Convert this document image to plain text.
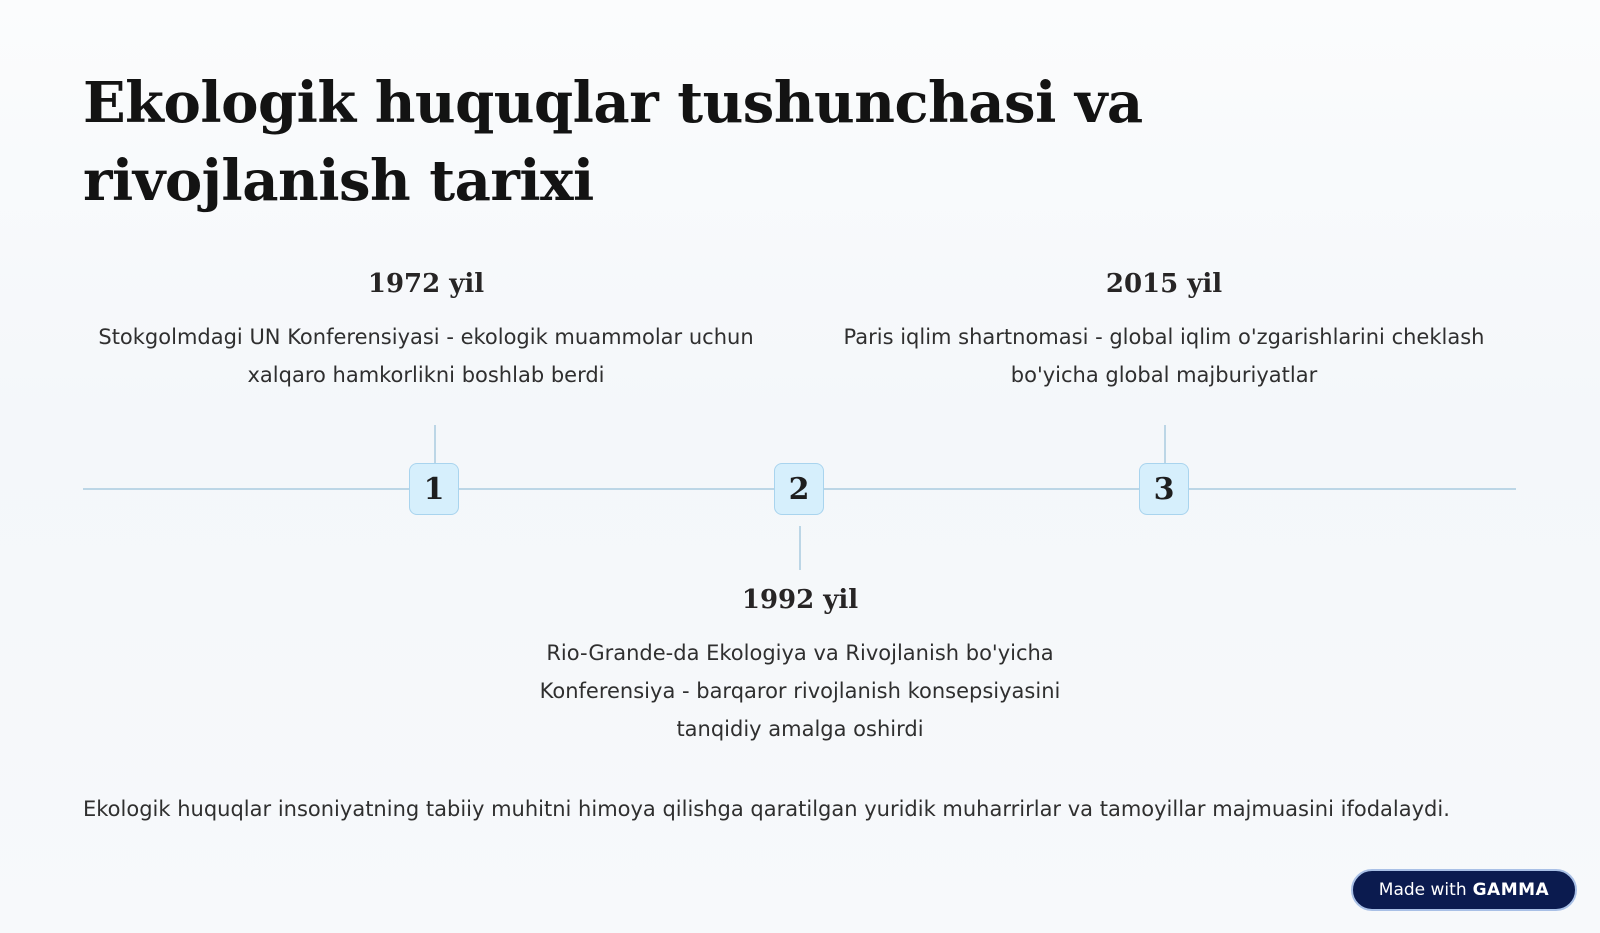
Ekologik huquqlar tushunchasi va rivojlanish tarixi
1972 yil
Stokgolmdagi UN Konferensiyasi - ekologik muammolar uchun xalqaro hamkorlikni boshlab berdi
2015 yil
Paris iqlim shartnomasi - global iqlim o'zgarishlarini cheklash bo'yicha global majburiyatlar
1	2	3
1992 yil
Rio-Grande-da Ekologiya va Rivojlanish bo'yicha Konferensiya - barqaror rivojlanish konsepsiyasini tanqidiy amalga oshirdi

Ekologik huquqlar insoniyatning tabiiy muhitni himoya qilishga qaratilgan yuridik muharrirlar va tamoyillar majmuasini ifodalaydi.

Made with GAMMA
